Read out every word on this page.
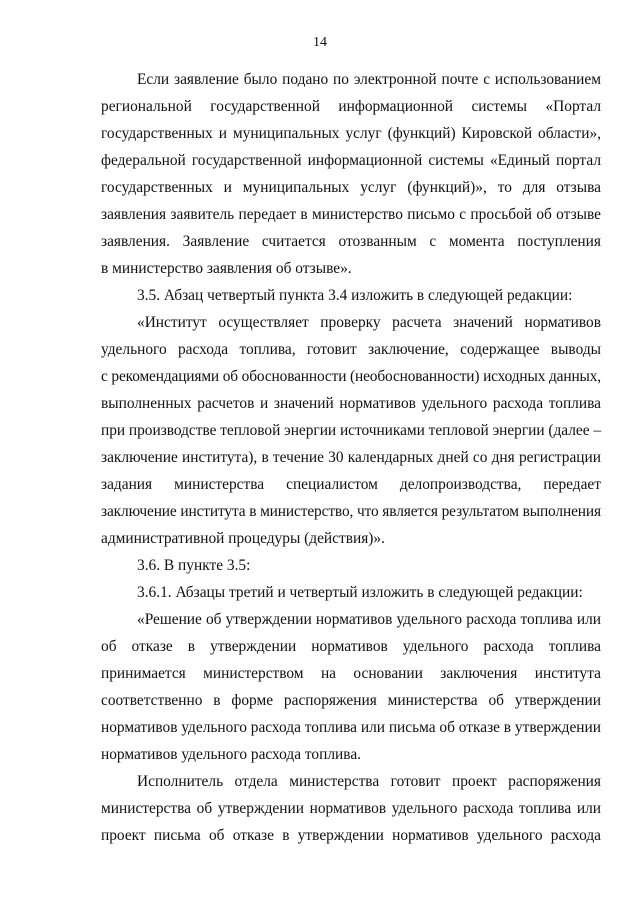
14

Если заявление было подано по электронной почте с использованием
региональной государственной информационной системы «Портал
государственных и муниципальных услуг (функций) Кировской области»,
федеральной государственной информационной системы «Единый портал
государственных и муниципальных услуг (функций)», то для отзыва
заявления заявитель передает в министерство письмо с просьбой об отзыве
заявления. Заявление считается отозванным с момента поступления
в министерство заявления об отзыве».

3.5. Абзац четвертый пункта 3.4 изложить в следующей редакции:

«Институт осуществляет проверку расчета значений нормативов
удельного расхода топлива, готовит заключение, содержащее выводы
с рекомендациями об обоснованности (необоснованности) исходных данных,
выполненных расчетов и значений нормативов удельного расхода топлива
при производстве тепловой энергии источниками тепловой энергии (далее –
заключение института), в течение 30 календарных дней со дня регистрации
задания министерства специалистом делопроизводства, передает
заключение института в министерство, что является результатом выполнения
административной процедуры (действия)».

3.6. В пункте 3.5:

3.6.1. Абзацы третий и четвертый изложить в следующей редакции:

«Решение об утверждении нормативов удельного расхода топлива или
об отказе в утверждении нормативов удельного расхода топлива
принимается министерством на основании заключения института
соответственно в форме распоряжения министерства об утверждении
нормативов удельного расхода топлива или письма об отказе в утверждении
нормативов удельного расхода топлива.

Исполнитель отдела министерства готовит проект распоряжения
министерства об утверждении нормативов удельного расхода топлива или
проект письма об отказе в утверждении нормативов удельного расхода
